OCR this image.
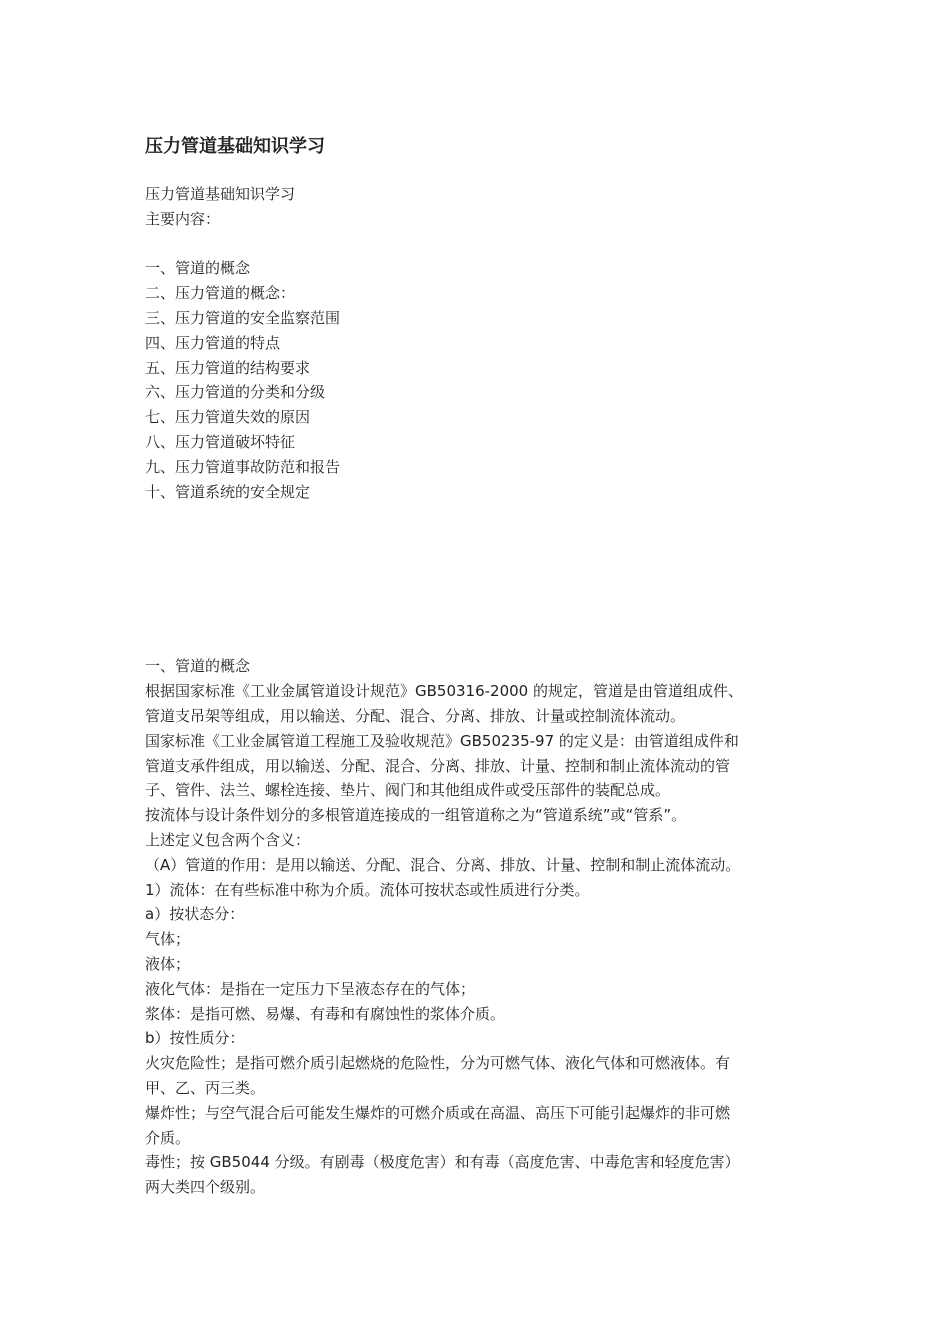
压力管道基础知识学习

压力管道基础知识学习

主要内容：

一、管道的概念

二、压力管道的概念：

三、压力管道的安全监察范围

四、压力管道的特点

五、压力管道的结构要求

六、压力管道的分类和分级

七、压力管道失效的原因

八、压力管道破坏特征

九、压力管道事故防范和报告

十、管道系统的安全规定

一、管道的概念

根据国家标准《工业金属管道设计规范》GB50316-2000 的规定，管道是由管道组成件、

管道支吊架等组成，用以输送、分配、混合、分离、排放、计量或控制流体流动。

国家标准《工业金属管道工程施工及验收规范》GB50235-97 的定义是：由管道组成件和

管道支承件组成，用以输送、分配、混合、分离、排放、计量、控制和制止流体流动的管

子、管件、法兰、螺栓连接、垫片、阀门和其他组成件或受压部件的装配总成。

按流体与设计条件划分的多根管道连接成的一组管道称之为“管道系统”或“管系”。

上述定义包含两个含义：

（A）管道的作用：是用以输送、分配、混合、分离、排放、计量、控制和制止流体流动。

1）流体：在有些标准中称为介质。流体可按状态或性质进行分类。

a）按状态分：

气体；

液体；

液化气体：是指在一定压力下呈液态存在的气体；

浆体：是指可燃、易爆、有毒和有腐蚀性的浆体介质。

b）按性质分：

火灾危险性；是指可燃介质引起燃烧的危险性，分为可燃气体、液化气体和可燃液体。有

甲、乙、丙三类。

爆炸性；与空气混合后可能发生爆炸的可燃介质或在高温、高压下可能引起爆炸的非可燃

介质。

毒性；按 GB5044 分级。有剧毒（极度危害）和有毒（高度危害、中毒危害和轻度危害）

两大类四个级别。
